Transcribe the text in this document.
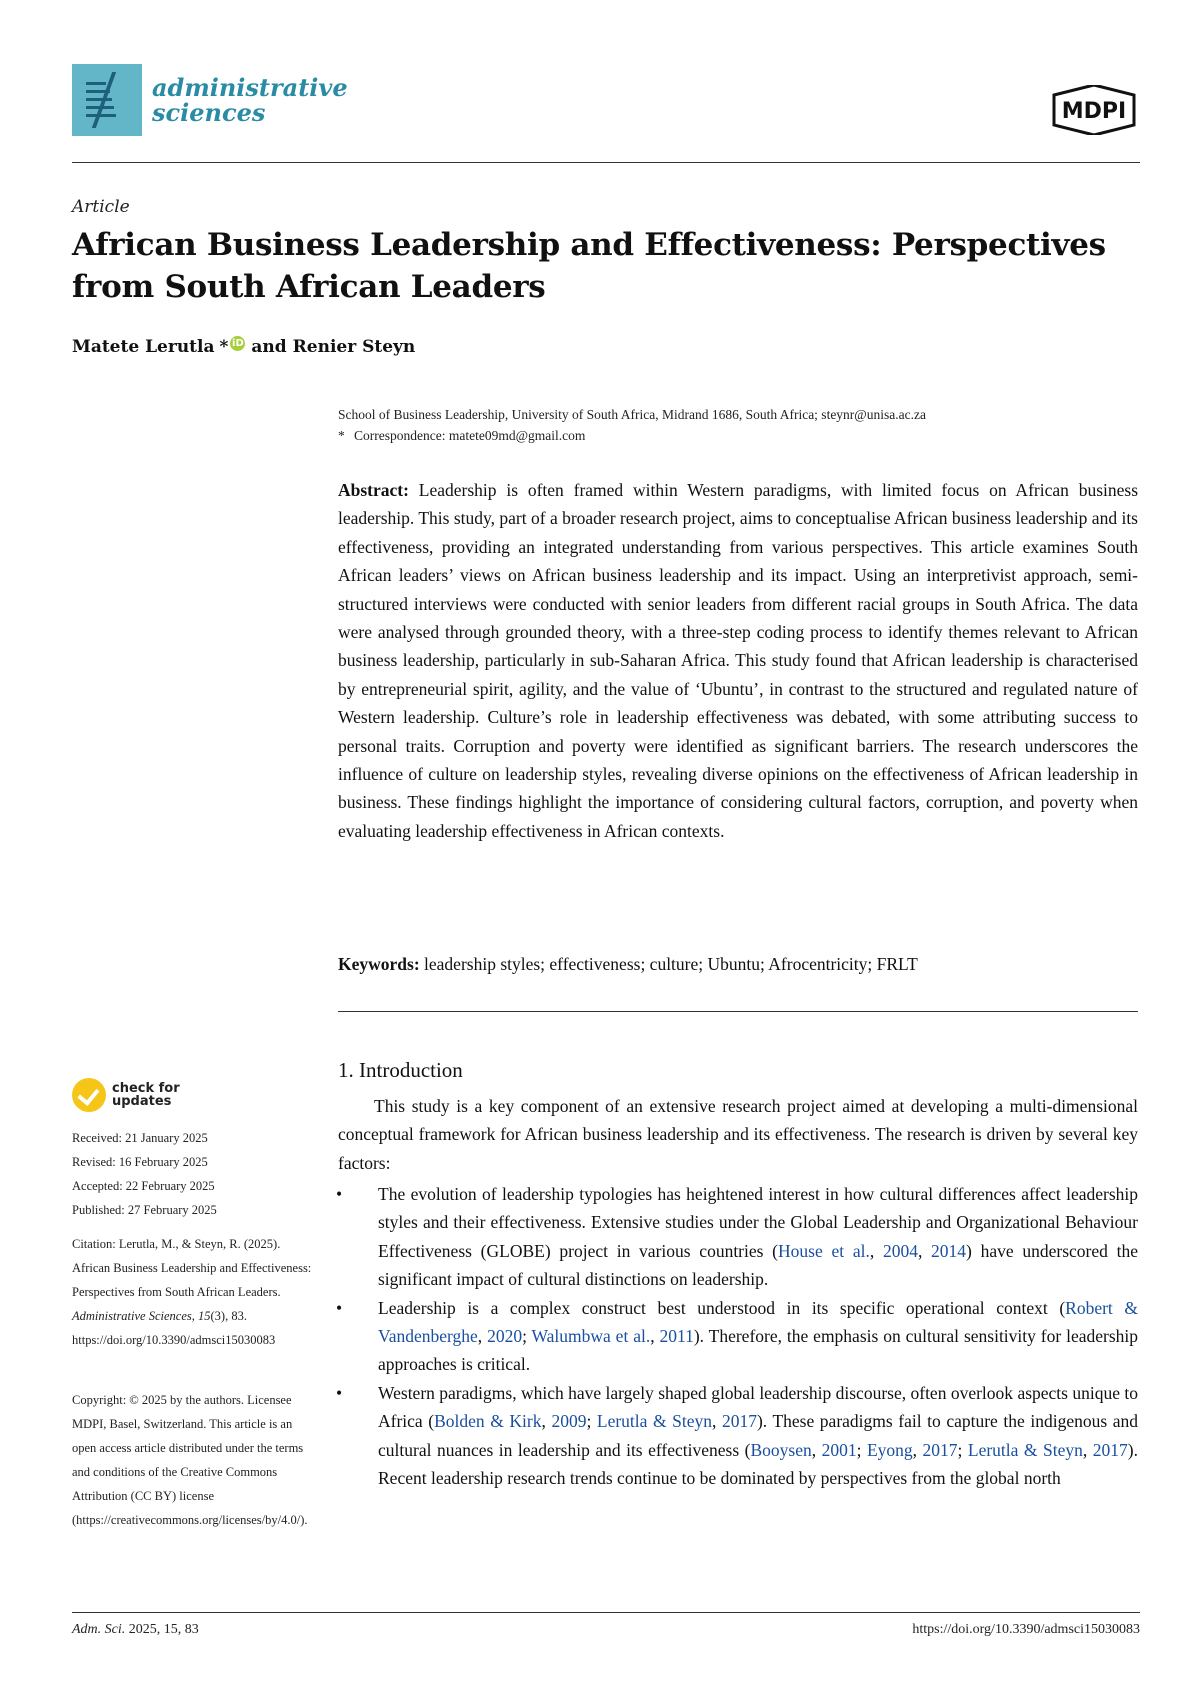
administrative
sciences	MDPI
Article
African Business Leadership and Effectiveness: Perspectives from South African Leaders
Matete Lerutla * iD and Renier Steyn
School of Business Leadership, University of South Africa, Midrand 1686, South Africa; steynr@unisa.ac.za
* Correspondence: matete09md@gmail.com
Abstract: Leadership is often framed within Western paradigms, with limited focus on African business leadership. This study, part of a broader research project, aims to conceptualise African business leadership and its effectiveness, providing an integrated understanding from various perspectives. This article examines South African leaders’ views on African business leadership and its impact. Using an interpretivist approach, semi-structured interviews were conducted with senior leaders from different racial groups in South Africa. The data were analysed through grounded theory, with a three-step coding process to identify themes relevant to African business leadership, particularly in sub-Saharan Africa. This study found that African leadership is characterised by entrepreneurial spirit, agility, and the value of ‘Ubuntu’, in contrast to the structured and regulated nature of Western leadership. Culture’s role in leadership effectiveness was debated, with some attributing success to personal traits. Corruption and poverty were identified as significant barriers. The research underscores the influence of culture on leadership styles, revealing diverse opinions on the effectiveness of African leadership in business. These findings highlight the importance of considering cultural factors, corruption, and poverty when evaluating leadership effectiveness in African contexts.
Keywords: leadership styles; effectiveness; culture; Ubuntu; Afrocentricity; FRLT
check for
updates
Received: 21 January 2025
Revised: 16 February 2025
Accepted: 22 February 2025
Published: 27 February 2025
Citation: Lerutla, M., & Steyn, R. (2025). African Business Leadership and Effectiveness: Perspectives from South African Leaders. Administrative Sciences, 15(3), 83. https://doi.org/10.3390/admsci15030083
Copyright: © 2025 by the authors. Licensee MDPI, Basel, Switzerland. This article is an open access article distributed under the terms and conditions of the Creative Commons Attribution (CC BY) license (https://creativecommons.org/licenses/by/4.0/).
1. Introduction
This study is a key component of an extensive research project aimed at developing a multi-dimensional conceptual framework for African business leadership and its effectiveness. The research is driven by several key factors:
• The evolution of leadership typologies has heightened interest in how cultural differences affect leadership styles and their effectiveness. Extensive studies under the Global Leadership and Organizational Behaviour Effectiveness (GLOBE) project in various countries (House et al., 2004, 2014) have underscored the significant impact of cultural distinctions on leadership.
• Leadership is a complex construct best understood in its specific operational context (Robert & Vandenberghe, 2020; Walumbwa et al., 2011). Therefore, the emphasis on cultural sensitivity for leadership approaches is critical.
• Western paradigms, which have largely shaped global leadership discourse, often overlook aspects unique to Africa (Bolden & Kirk, 2009; Lerutla & Steyn, 2017). These paradigms fail to capture the indigenous and cultural nuances in leadership and its effectiveness (Booysen, 2001; Eyong, 2017; Lerutla & Steyn, 2017). Recent leadership research trends continue to be dominated by perspectives from the global north
Adm. Sci. 2025, 15, 83	https://doi.org/10.3390/admsci15030083
